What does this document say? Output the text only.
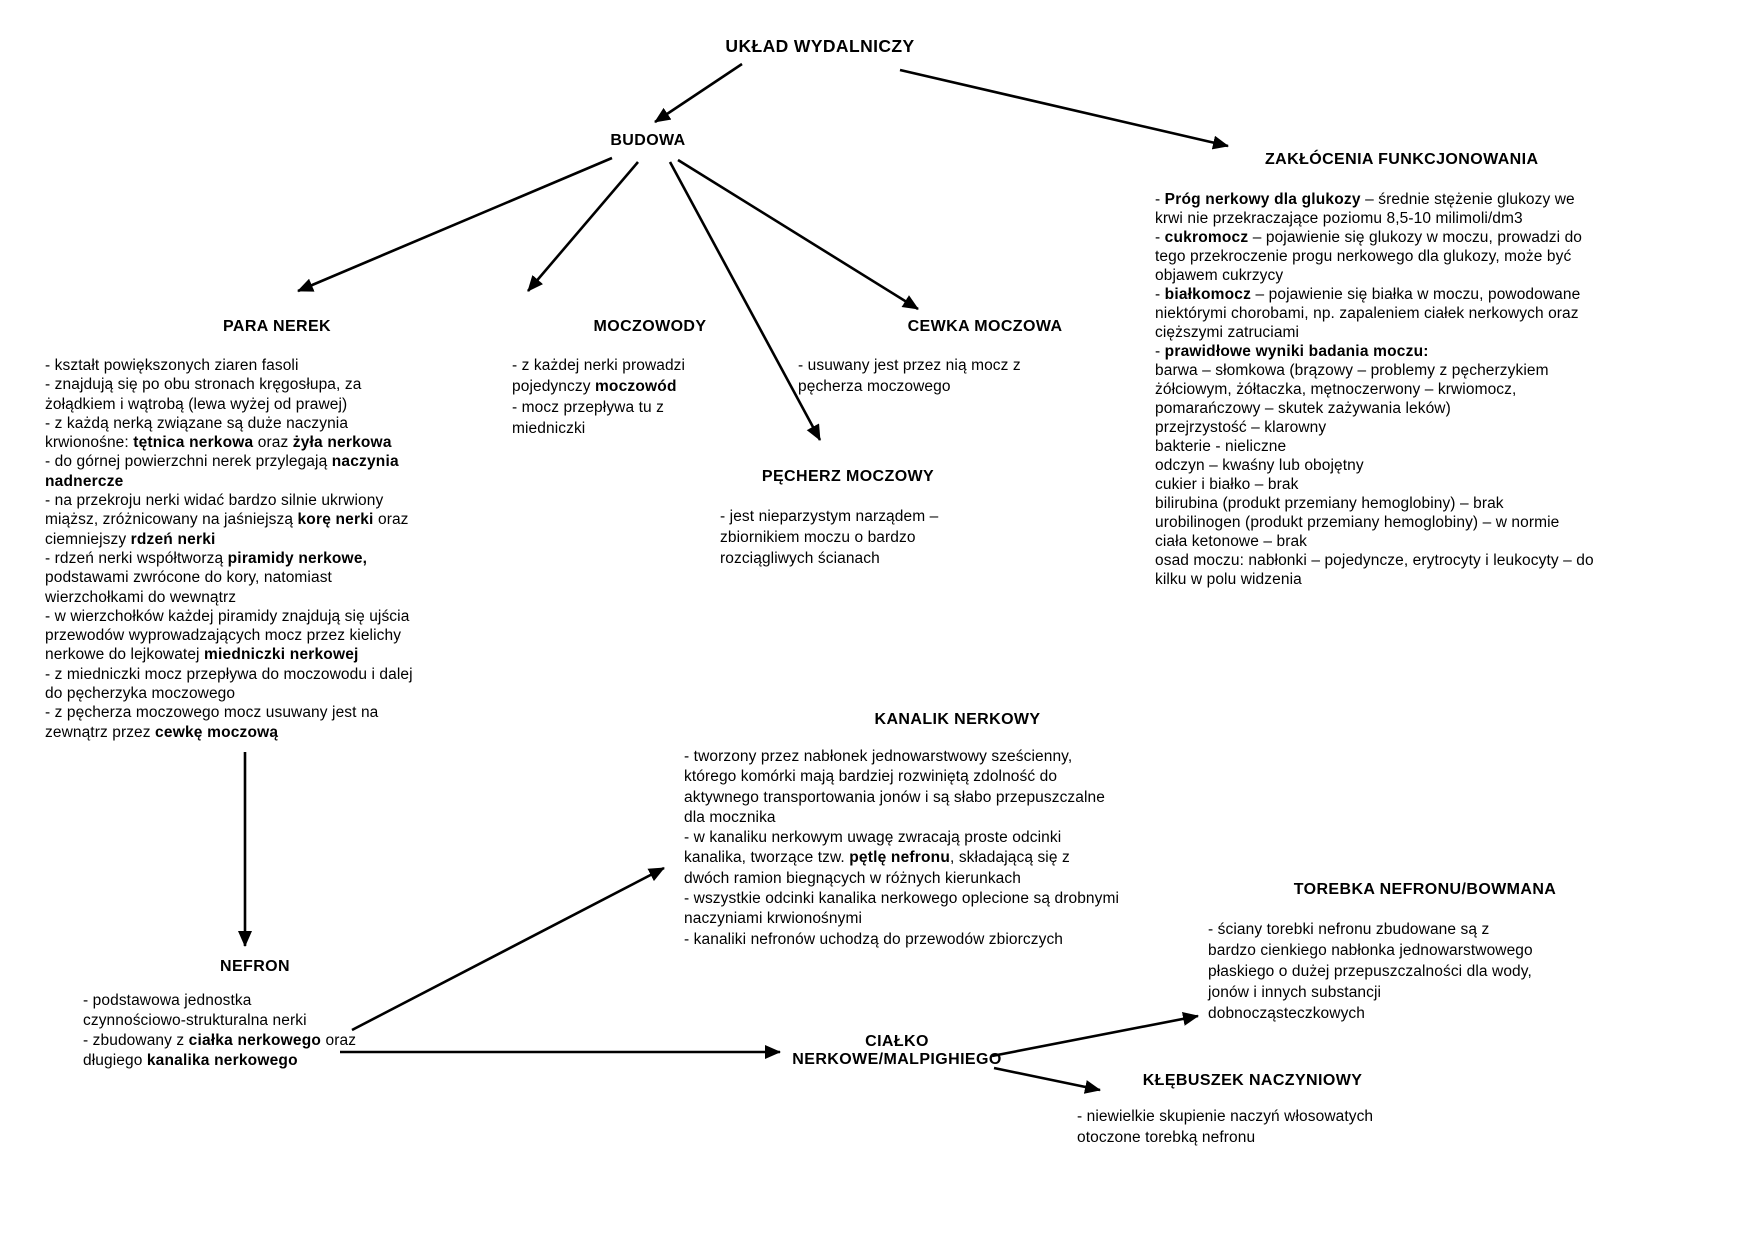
UKŁAD WYDALNICZY
BUDOWA
ZAKŁÓCENIA FUNKCJONOWANIA
- Próg nerkowy dla glukozy – średnie stężenie glukozy we
krwi nie przekraczające poziomu 8,5-10 milimoli/dm3
- cukromocz – pojawienie się glukozy w moczu, prowadzi do
tego przekroczenie progu nerkowego dla glukozy, może być
objawem cukrzycy
- białkomocz – pojawienie się białka w moczu, powodowane
niektórymi chorobami, np. zapaleniem ciałek nerkowych oraz
cięższymi zatruciami
- prawidłowe wyniki badania moczu:
barwa – słomkowa (brązowy – problemy z pęcherzykiem
żółciowym, żółtaczka, mętnoczerwony – krwiomocz,
pomarańczowy – skutek zażywania leków)
przejrzystość – klarowny
bakterie - nieliczne
odczyn – kwaśny lub obojętny
cukier i białko – brak
bilirubina (produkt przemiany hemoglobiny) – brak
urobilinogen (produkt przemiany hemoglobiny) – w normie
ciała ketonowe – brak
osad moczu: nabłonki – pojedyncze, erytrocyty i leukocyty – do
kilku w polu widzenia
PARA NEREK
- kształt powiększonych ziaren fasoli
- znajdują się po obu stronach kręgosłupa, za
żołądkiem i wątrobą (lewa wyżej od prawej)
- z każdą nerką związane są duże naczynia
krwionośne: tętnica nerkowa oraz żyła nerkowa
- do górnej powierzchni nerek przylegają naczynia
nadnercze
- na przekroju nerki widać bardzo silnie ukrwiony
miąższ, zróżnicowany na jaśniejszą korę nerki oraz
ciemniejszy rdzeń nerki
- rdzeń nerki współtworzą piramidy nerkowe,
podstawami zwrócone do kory, natomiast
wierzchołkami do wewnątrz
- w wierzchołków każdej piramidy znajdują się ujścia
przewodów wyprowadzających mocz przez kielichy
nerkowe do lejkowatej miedniczki nerkowej
- z miedniczki mocz przepływa do moczowodu i dalej
do pęcherzyka moczowego
- z pęcherza moczowego mocz usuwany jest na
zewnątrz przez cewkę moczową
MOCZOWODY
- z każdej nerki prowadzi
pojedynczy moczowód
- mocz przepływa tu z
miedniczki
CEWKA MOCZOWA
- usuwany jest przez nią mocz z
pęcherza moczowego
PĘCHERZ MOCZOWY
- jest nieparzystym narządem –
zbiornikiem moczu o bardzo
rozciągliwych ścianach
KANALIK NERKOWY
- tworzony przez nabłonek jednowarstwowy sześcienny,
którego komórki mają bardziej rozwiniętą zdolność do
aktywnego transportowania jonów i są słabo przepuszczalne
dla mocznika
- w kanaliku nerkowym uwagę zwracają proste odcinki
kanalika, tworzące tzw. pętlę nefronu, składającą się z
dwóch ramion biegnących w różnych kierunkach
- wszystkie odcinki kanalika nerkowego oplecione są drobnymi
naczyniami krwionośnymi
- kanaliki nefronów uchodzą do przewodów zbiorczych
NEFRON
- podstawowa jednostka
czynnościowo-strukturalna nerki
- zbudowany z ciałka nerkowego oraz
długiego kanalika nerkowego
CIAŁKO
NERKOWE/MALPIGHIEGO
TOREBKA NEFRONU/BOWMANA
- ściany torebki nefronu zbudowane są z
bardzo cienkiego nabłonka jednowarstwowego
płaskiego o dużej przepuszczalności dla wody,
jonów i innych substancji
dobnocząsteczkowych
KŁĘBUSZEK NACZYNIOWY
- niewielkie skupienie naczyń włosowatych
otoczone torebką nefronu
